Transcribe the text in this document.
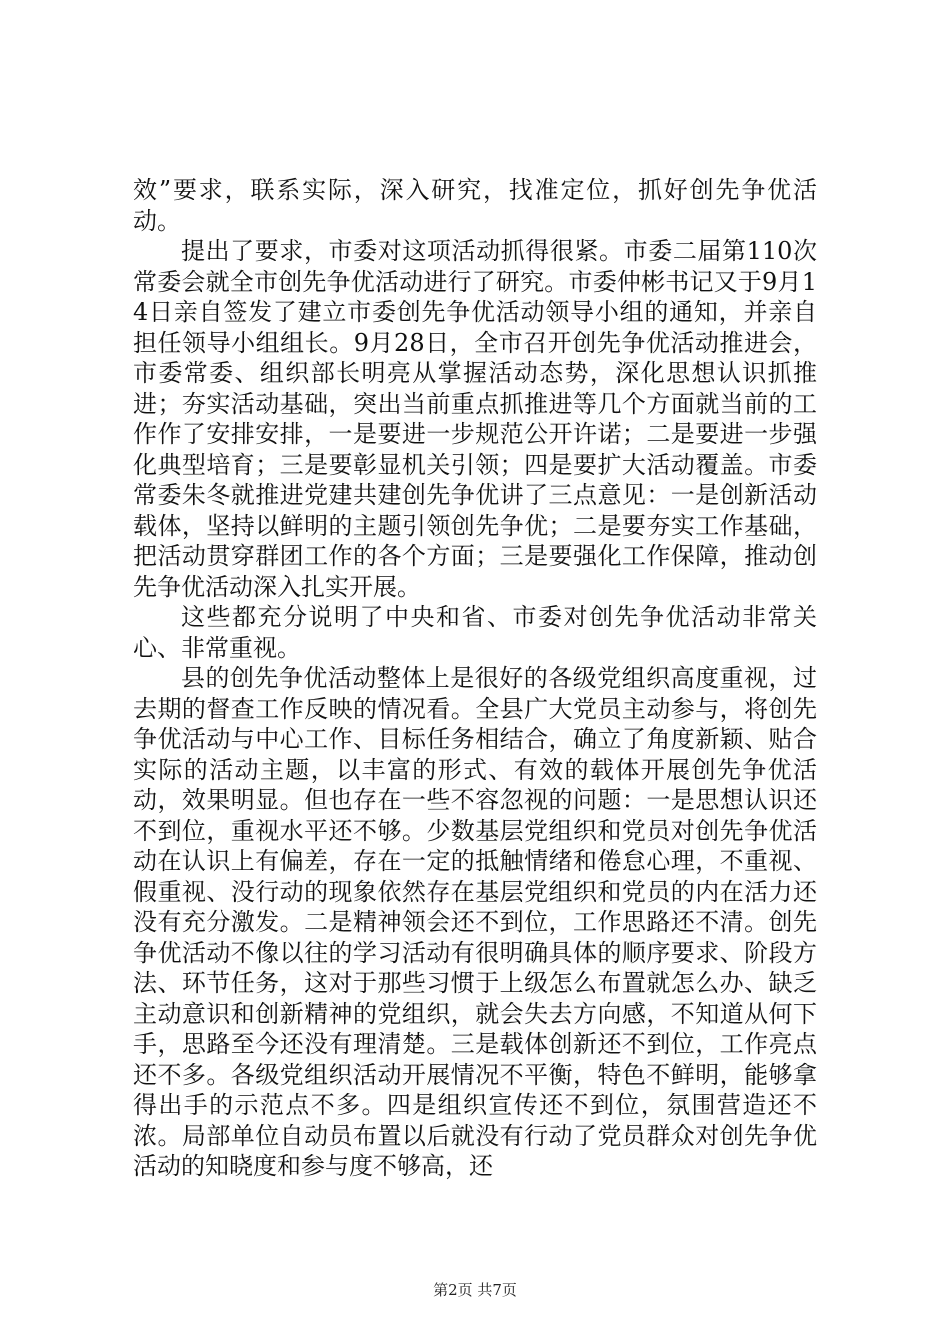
效”要求，联系实际，深入研究，找准定位，抓好创先争优活动。

提出了要求，市委对这项活动抓得很紧。市委二届第110次常委会就全市创先争优活动进行了研究。市委仲彬书记又于9月14日亲自签发了建立市委创先争优活动领导小组的通知，并亲自担任领导小组组长。9月28日，全市召开创先争优活动推进会，市委常委、组织部长明亮从掌握活动态势，深化思想认识抓推进；夯实活动基础，突出当前重点抓推进等几个方面就当前的工作作了安排安排，一是要进一步规范公开许诺；二是要进一步强化典型培育；三是要彰显机关引领；四是要扩大活动覆盖。市委常委朱冬就推进党建共建创先争优讲了三点意见：一是创新活动载体，坚持以鲜明的主题引领创先争优；二是要夯实工作基础，把活动贯穿群团工作的各个方面；三是要强化工作保障，推动创先争优活动深入扎实开展。

这些都充分说明了中央和省、市委对创先争优活动非常关心、非常重视。

县的创先争优活动整体上是很好的各级党组织高度重视，过去期的督查工作反映的情况看。全县广大党员主动参与，将创先争优活动与中心工作、目标任务相结合，确立了角度新颖、贴合实际的活动主题，以丰富的形式、有效的载体开展创先争优活动，效果明显。但也存在一些不容忽视的问题：一是思想认识还不到位，重视水平还不够。少数基层党组织和党员对创先争优活动在认识上有偏差，存在一定的抵触情绪和倦怠心理，不重视、假重视、没行动的现象依然存在基层党组织和党员的内在活力还没有充分激发。二是精神领会还不到位，工作思路还不清。创先争优活动不像以往的学习活动有很明确具体的顺序要求、阶段方法、环节任务，这对于那些习惯于上级怎么布置就怎么办、缺乏主动意识和创新精神的党组织，就会失去方向感，不知道从何下手，思路至今还没有理清楚。三是载体创新还不到位，工作亮点还不多。各级党组织活动开展情况不平衡，特色不鲜明，能够拿得出手的示范点不多。四是组织宣传还不到位，氛围营造还不浓。局部单位自动员布置以后就没有行动了党员群众对创先争优活动的知晓度和参与度不够高，还

第2页 共7页
